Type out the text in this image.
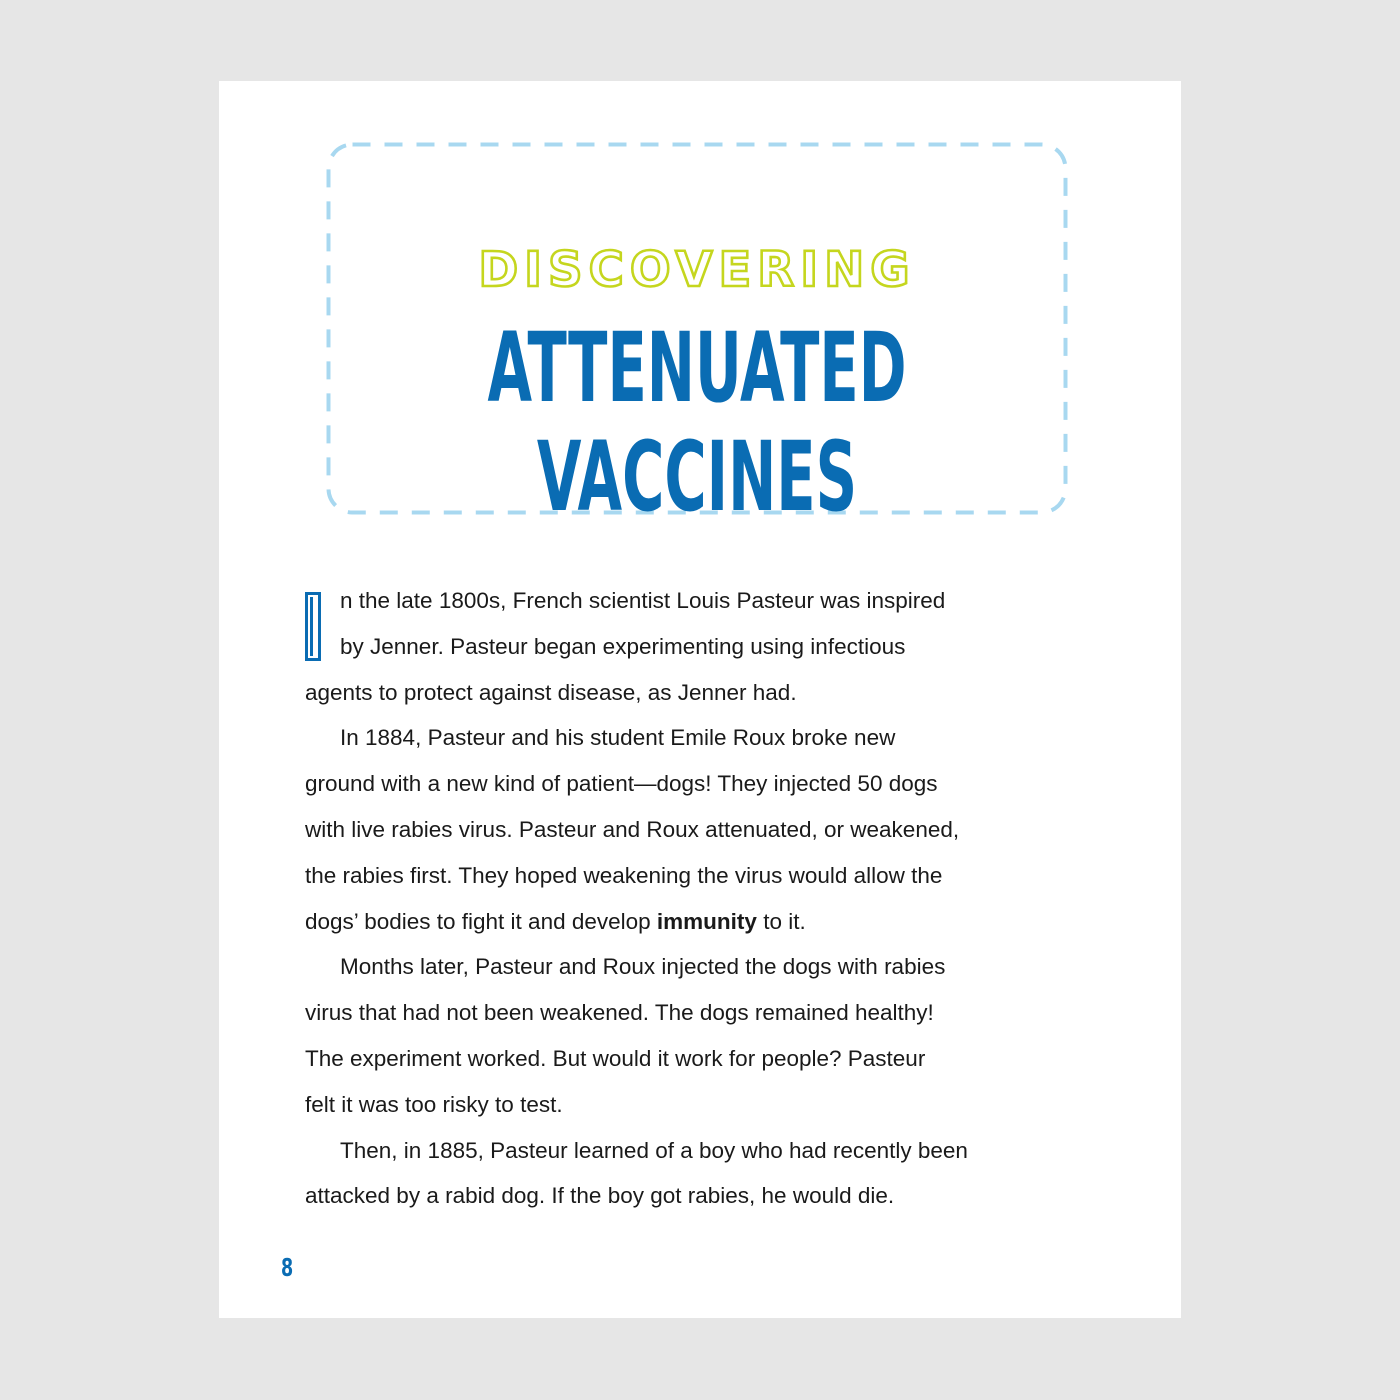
DISCOVERING
ATTENUATED
VACCINES

n the late 1800s, French scientist Louis Pasteur was inspired
by Jenner. Pasteur began experimenting using infectious
agents to protect against disease, as Jenner had.

In 1884, Pasteur and his student Emile Roux broke new
ground with a new kind of patient—dogs! They injected 50 dogs
with live rabies virus. Pasteur and Roux attenuated, or weakened,
the rabies first. They hoped weakening the virus would allow the
dogs’ bodies to fight it and develop immunity to it.

Months later, Pasteur and Roux injected the dogs with rabies
virus that had not been weakened. The dogs remained healthy!
The experiment worked. But would it work for people? Pasteur
felt it was too risky to test.

Then, in 1885, Pasteur learned of a boy who had recently been
attacked by a rabid dog. If the boy got rabies, he would die.

8
